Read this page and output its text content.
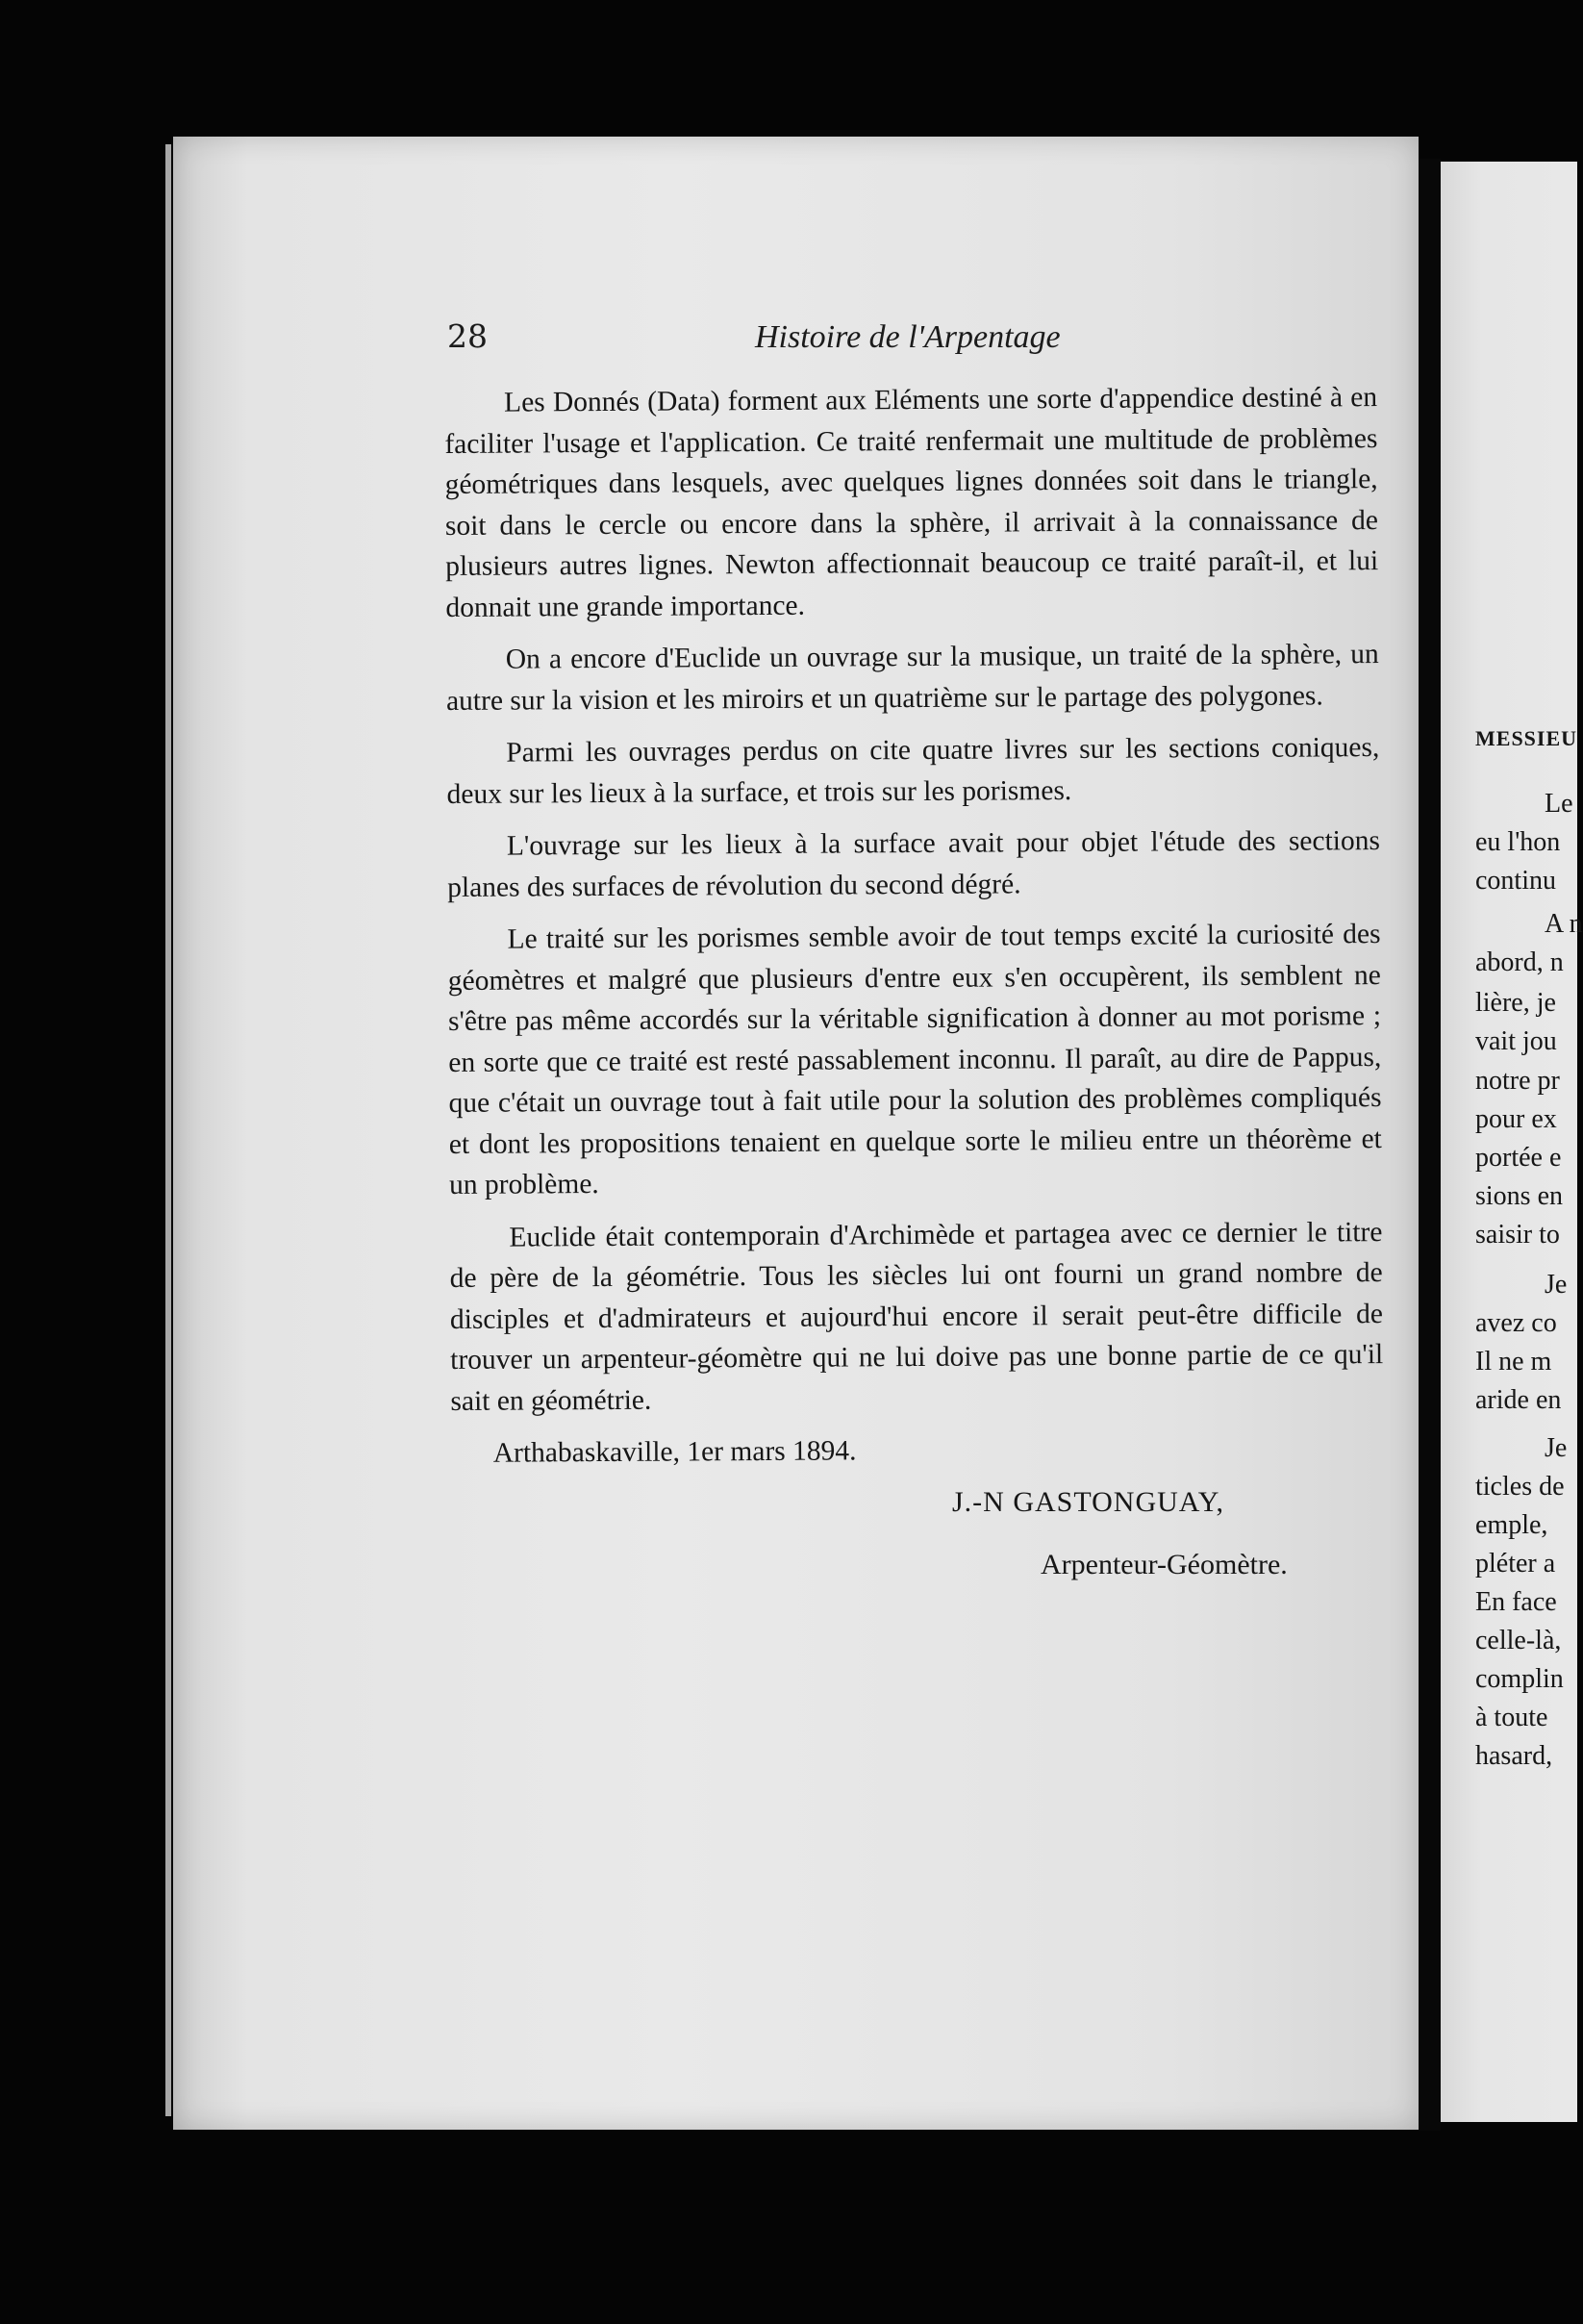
28	Histoire de l'Arpentage

Les Donnés (Data) forment aux Eléments une sorte d'appendice destiné à en faciliter l'usage et l'application. Ce traité renfermait une multitude de problèmes géométriques dans lesquels, avec quelques lignes données soit dans le triangle, soit dans le cercle ou encore dans la sphère, il arrivait à la connaissance de plusieurs autres lignes. Newton affectionnait beaucoup ce traité paraît-il, et lui donnait une grande importance.

On a encore d'Euclide un ouvrage sur la musique, un traité de la sphère, un autre sur la vision et les miroirs et un quatrième sur le partage des polygones.

Parmi les ouvrages perdus on cite quatre livres sur les sections coniques, deux sur les lieux à la surface, et trois sur les porismes.

L'ouvrage sur les lieux à la surface avait pour objet l'étude des sections planes des surfaces de révolution du second dégré.

Le traité sur les porismes semble avoir de tout temps excité la curiosité des géomètres et malgré que plusieurs d'entre eux s'en occupèrent, ils semblent ne s'être pas même accordés sur la véritable signification à donner au mot porisme ; en sorte que ce traité est resté passablement inconnu. Il paraît, au dire de Pappus, que c'était un ouvrage tout à fait utile pour la solution des problèmes compliqués et dont les propositions tenaient en quelque sorte le milieu entre un théorème et un problème.

Euclide était contemporain d'Archimède et partagea avec ce dernier le titre de père de la géométrie. Tous les siècles lui ont fourni un grand nombre de disciples et d'admirateurs et aujourd'hui encore il serait peut-être difficile de trouver un arpenteur-géomètre qui ne lui doive pas une bonne partie de ce qu'il sait en géométrie.

Arthabaskaville, 1er mars 1894.
J.-N GASTONGUAY,
Arpenteur-Géomètre.
MESSIEU
Le
eu l'hon
continu
A n
abord, n
lière, je
vait jou
notre pr
pour ex
portée e
sions en
saisir to
Je
avez co
Il ne m
aride en
Je
ticles de
emple,
pléter a
En face
celle-là,
complin
à toute
hasard,
